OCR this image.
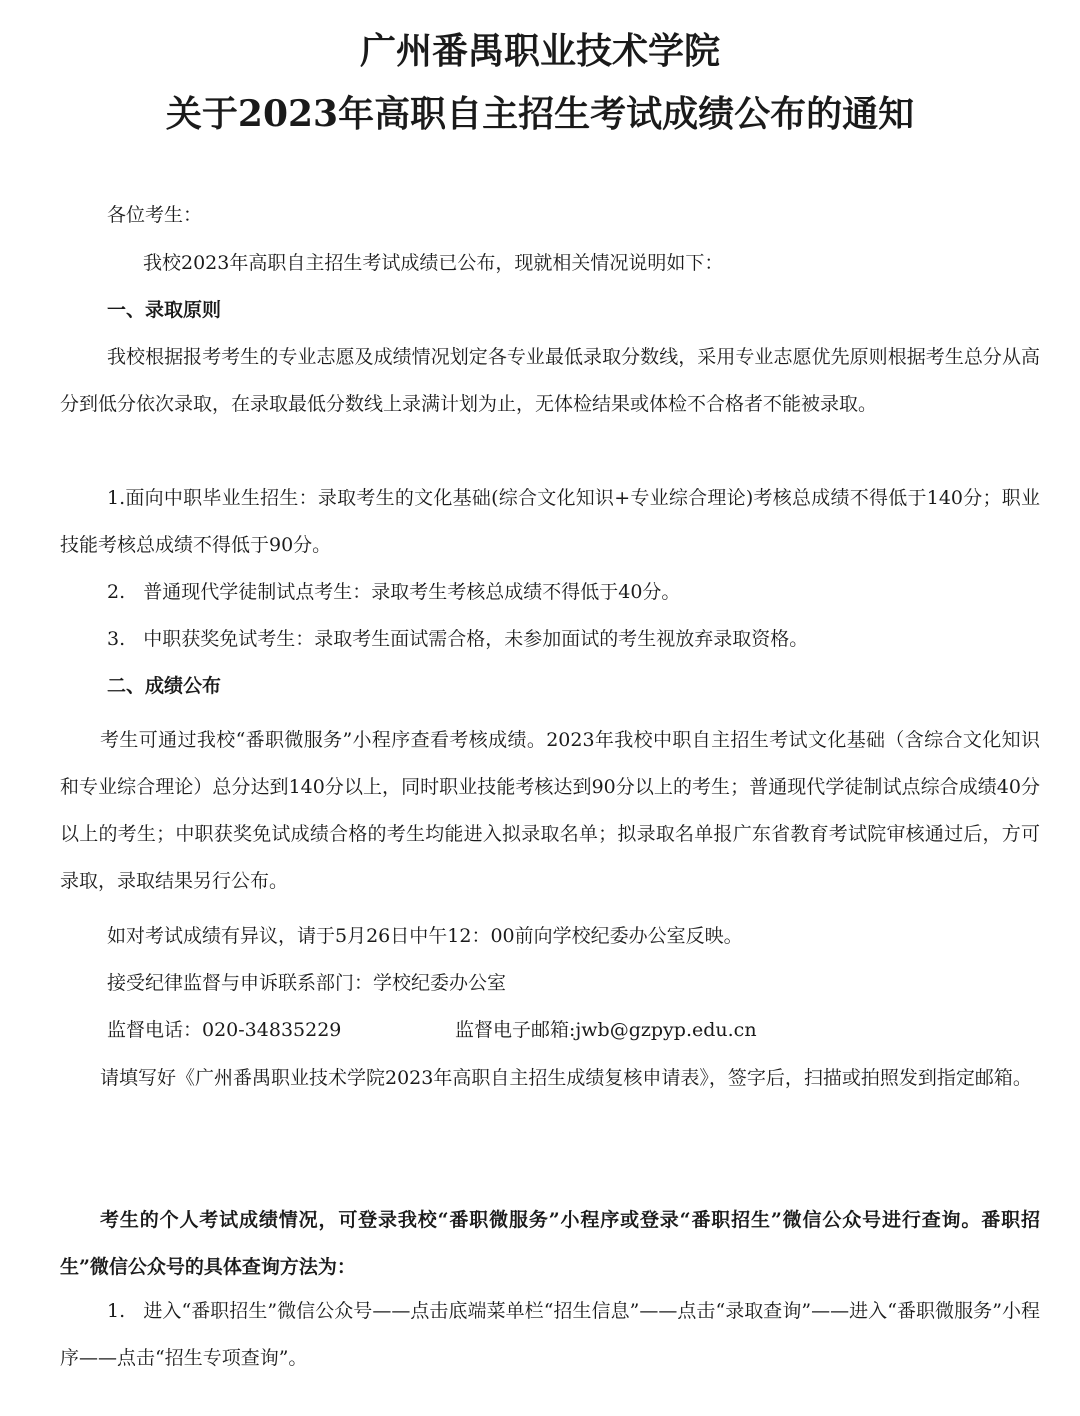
广州番禺职业技术学院
关于2023年高职自主招生考试成绩公布的通知

各位考生：

我校2023年高职自主招生考试成绩已公布，现就相关情况说明如下：

一、录取原则

我校根据报考考生的专业志愿及成绩情况划定各专业最低录取分数线，采用专业志愿优先原则根据考生总分从高分到低分依次录取，在录取最低分数线上录满计划为止，无体检结果或体检不合格者不能被录取。

1.面向中职毕业生招生：录取考生的文化基础(综合文化知识+专业综合理论)考核总成绩不得低于140分；职业技能考核总成绩不得低于90分。

2.   普通现代学徒制试点考生：录取考生考核总成绩不得低于40分。

3.   中职获奖免试考生：录取考生面试需合格，未参加面试的考生视放弃录取资格。

二、成绩公布

考生可通过我校“番职微服务”小程序查看考核成绩。2023年我校中职自主招生考试文化基础（含综合文化知识和专业综合理论）总分达到140分以上，同时职业技能考核达到90分以上的考生；普通现代学徒制试点综合成绩40分以上的考生；中职获奖免试成绩合格的考生均能进入拟录取名单；拟录取名单报广东省教育考试院审核通过后，方可录取，录取结果另行公布。

如对考试成绩有异议，请于5月26日中午12：00前向学校纪委办公室反映。

接受纪律监督与申诉联系部门：学校纪委办公室

监督电话：020-34835229	监督电子邮箱:jwb@gzpyp.edu.cn

请填写好《广州番禺职业技术学院2023年高职自主招生成绩复核申请表》，签字后，扫描或拍照发到指定邮箱。

考生的个人考试成绩情况，可登录我校“番职微服务”小程序或登录“番职招生”微信公众号进行查询。番职招生”微信公众号的具体查询方法为：

1.   进入“番职招生”微信公众号——点击底端菜单栏“招生信息”——点击“录取查询”——进入“番职微服务”小程序——点击“招生专项查询”。
